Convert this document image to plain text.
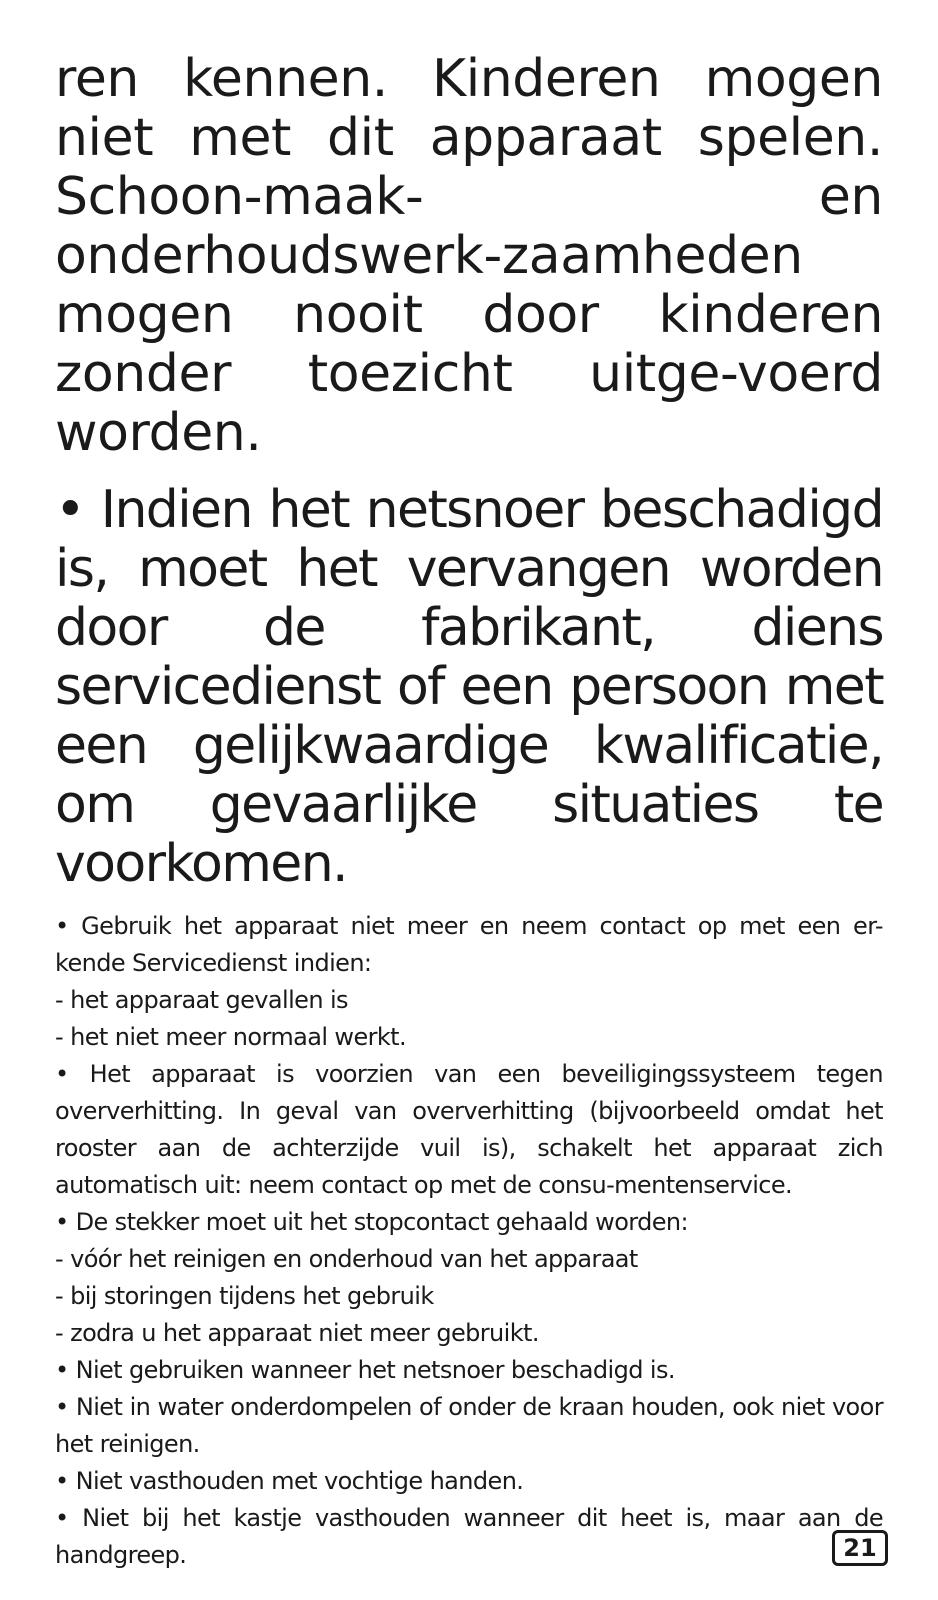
ren kennen. Kinderen mogen niet met dit apparaat spelen. Schoon-maak- en onderhoudswerk-zaamheden mogen nooit door kinderen zonder toezicht uitge-voerd worden.

• Indien het netsnoer beschadigd is, moet het vervangen worden door de fabrikant, diens servicedienst of een persoon met een gelijkwaardige kwalificatie, om gevaarlijke situaties te voorkomen.

• Gebruik het apparaat niet meer en neem contact op met een er-kende Servicedienst indien:

- het apparaat gevallen is

- het niet meer normaal werkt.

• Het apparaat is voorzien van een beveiligingssysteem tegen oververhitting. In geval van oververhitting (bijvoorbeeld omdat het rooster aan de achterzijde vuil is), schakelt het apparaat zich automatisch uit: neem contact op met de consu-mentenservice.

• De stekker moet uit het stopcontact gehaald worden:

- vóór het reinigen en onderhoud van het apparaat

- bij storingen tijdens het gebruik

- zodra u het apparaat niet meer gebruikt.

• Niet gebruiken wanneer het netsnoer beschadigd is.

• Niet in water onderdompelen of onder de kraan houden, ook niet voor het reinigen.

• Niet vasthouden met vochtige handen.

• Niet bij het kastje vasthouden wanneer dit heet is, maar aan de handgreep.	21
